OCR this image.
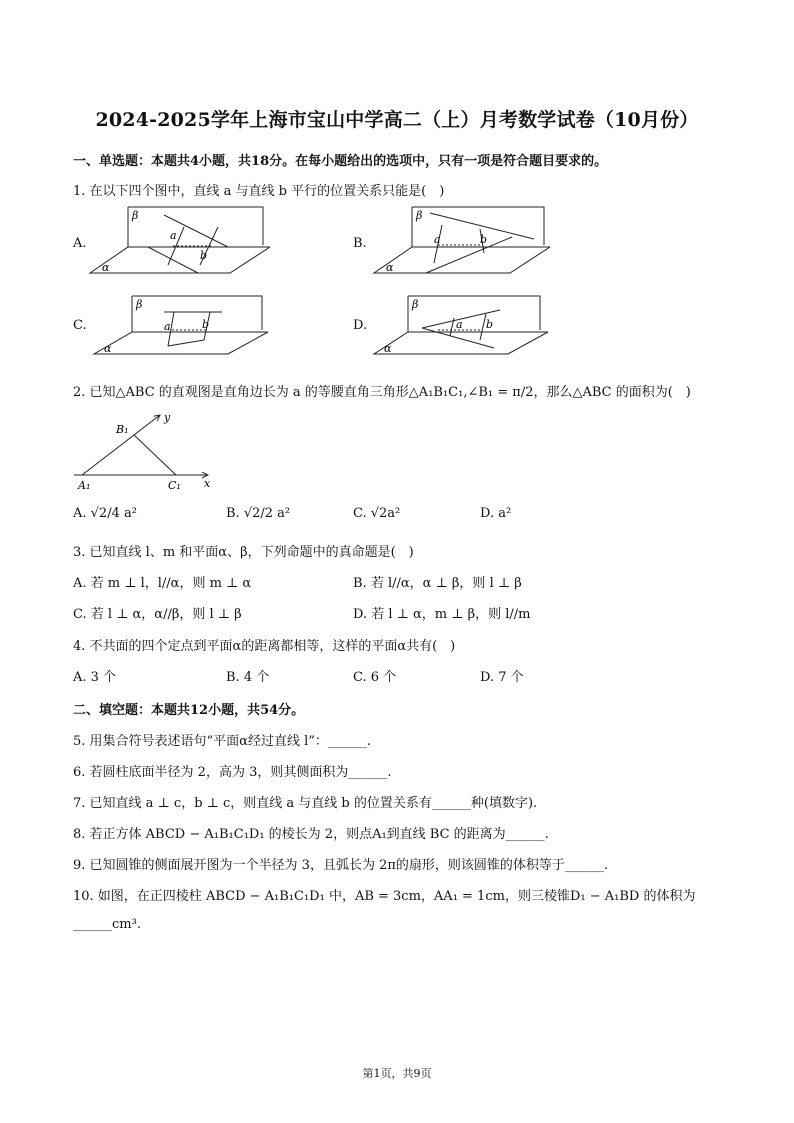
2024-2025学年上海市宝山中学高二（上）月考数学试卷（10月份）
一、单选题：本题共4小题，共18分。在每小题给出的选项中，只有一项是符合题目要求的。
1. 在以下四个图中，直线 a 与直线 b 平行的位置关系只能是(　)
A.
β
α
a
b
B.
β
α
a	b
C.
β
α
a	b	D.
β
α
a b
2. 已知△ABC 的直观图是直角边长为 a 的等腰直角三角形△A₁B₁C₁,∠B₁ = π/2，那么△ABC 的面积为(　)
y
x
B₁
A₁	C₁
A. √2/4 a²	B. √2/2 a²	C. √2a²	D. a²
3. 已知直线 l、m 和平面α、β，下列命题中的真命题是(　)
A. 若 m ⊥ l，l//α，则 m ⊥ α	B. 若 l//α，α ⊥ β，则 l ⊥ β
C. 若 l ⊥ α，α//β，则 l ⊥ β	D. 若 l ⊥ α，m ⊥ β，则 l//m
4. 不共面的四个定点到平面α的距离都相等，这样的平面α共有(　)
A. 3 个	B. 4 个	C. 6 个	D. 7 个
二、填空题：本题共12小题，共54分。
5. 用集合符号表述语句“平面α经过直线 l”：______.
6. 若圆柱底面半径为 2，高为 3，则其侧面积为______.
7. 已知直线 a ⊥ c，b ⊥ c，则直线 a 与直线 b 的位置关系有______种(填数字).
8. 若正方体 ABCD − A₁B₁C₁D₁ 的棱长为 2，则点A₁到直线 BC 的距离为______.
9. 已知圆锥的侧面展开图为一个半径为 3，且弧长为 2π的扇形，则该圆锥的体积等于______.
10. 如图，在正四棱柱 ABCD − A₁B₁C₁D₁ 中，AB = 3cm，AA₁ = 1cm，则三棱锥D₁ − A₁BD 的体积为
______cm³.
第1页，共9页
